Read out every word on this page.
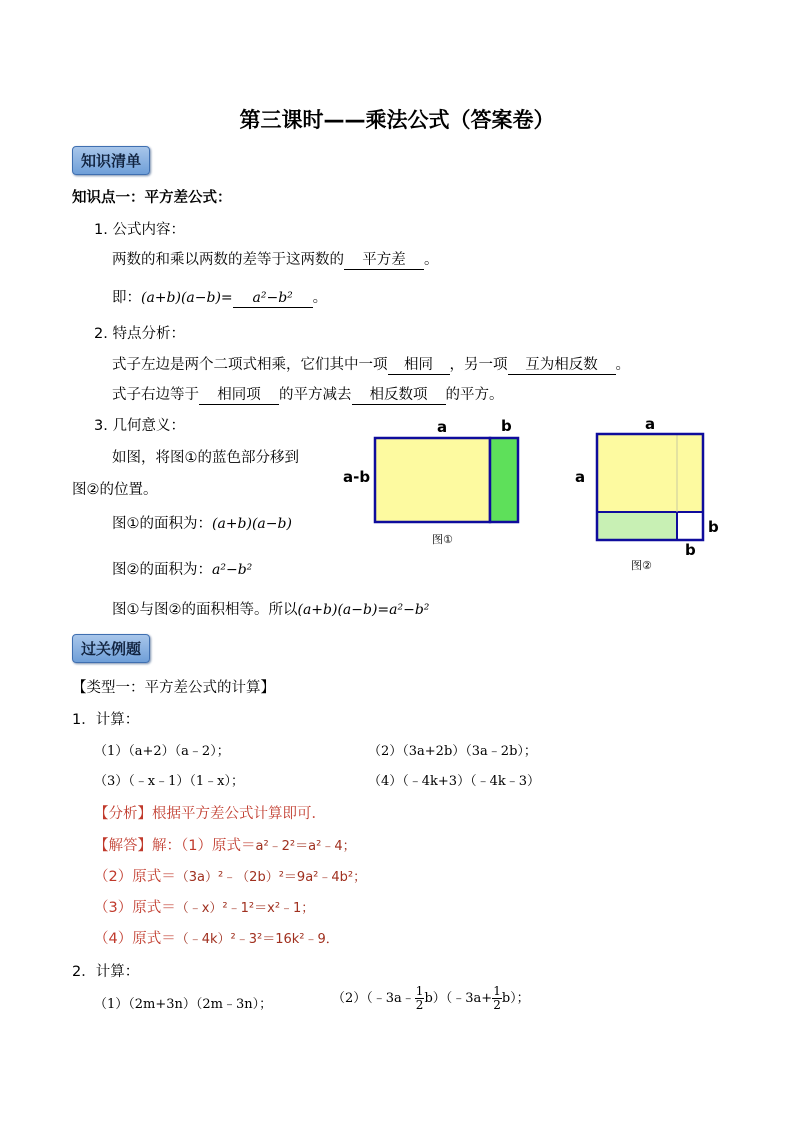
第三课时——乘法公式（答案卷）
知识清单
知识点一：平方差公式：
1. 公式内容：
两数的和乘以两数的差等于这两数的 平方差 。
即：(a+b)(a−b)= a²−b² 。
2. 特点分析：
式子左边是两个二项式相乘，它们其中一项 相同 ，另一项 互为相反数 。
式子右边等于 相同项 的平方减去 相反数项 的平方。
3. 几何意义：
如图，将图①的蓝色部分移到
图②的位置。
图①的面积为：(a+b)(a−b)
图②的面积为：a²−b²
图①与图②的面积相等。所以(a+b)(a−b)=a²−b²
a	b
a-b
图①
a
a
b
b
图②
过关例题
【类型一：平方差公式的计算】
1．计算：
（1）（a+2）（a﹣2）；	（2）（3a+2b）（3a﹣2b）；
（3）（﹣x﹣1）（1﹣x）；	（4）（﹣4k+3）（﹣4k﹣3）
【分析】根据平方差公式计算即可．
【解答】解：（1）原式＝a²﹣2²＝a²﹣4；
（2）原式＝（3a）²﹣（2b）²＝9a²﹣4b²；
（3）原式＝（﹣x）²﹣1²＝x²﹣1；
（4）原式＝（﹣4k）²﹣3²＝16k²﹣9．
2．计算：
（1）（2m+3n）（2m﹣3n）；	（2）（﹣3a﹣ $\frac{1}{2}$ b）（﹣3a+ $\frac{1}{2} b$）；
